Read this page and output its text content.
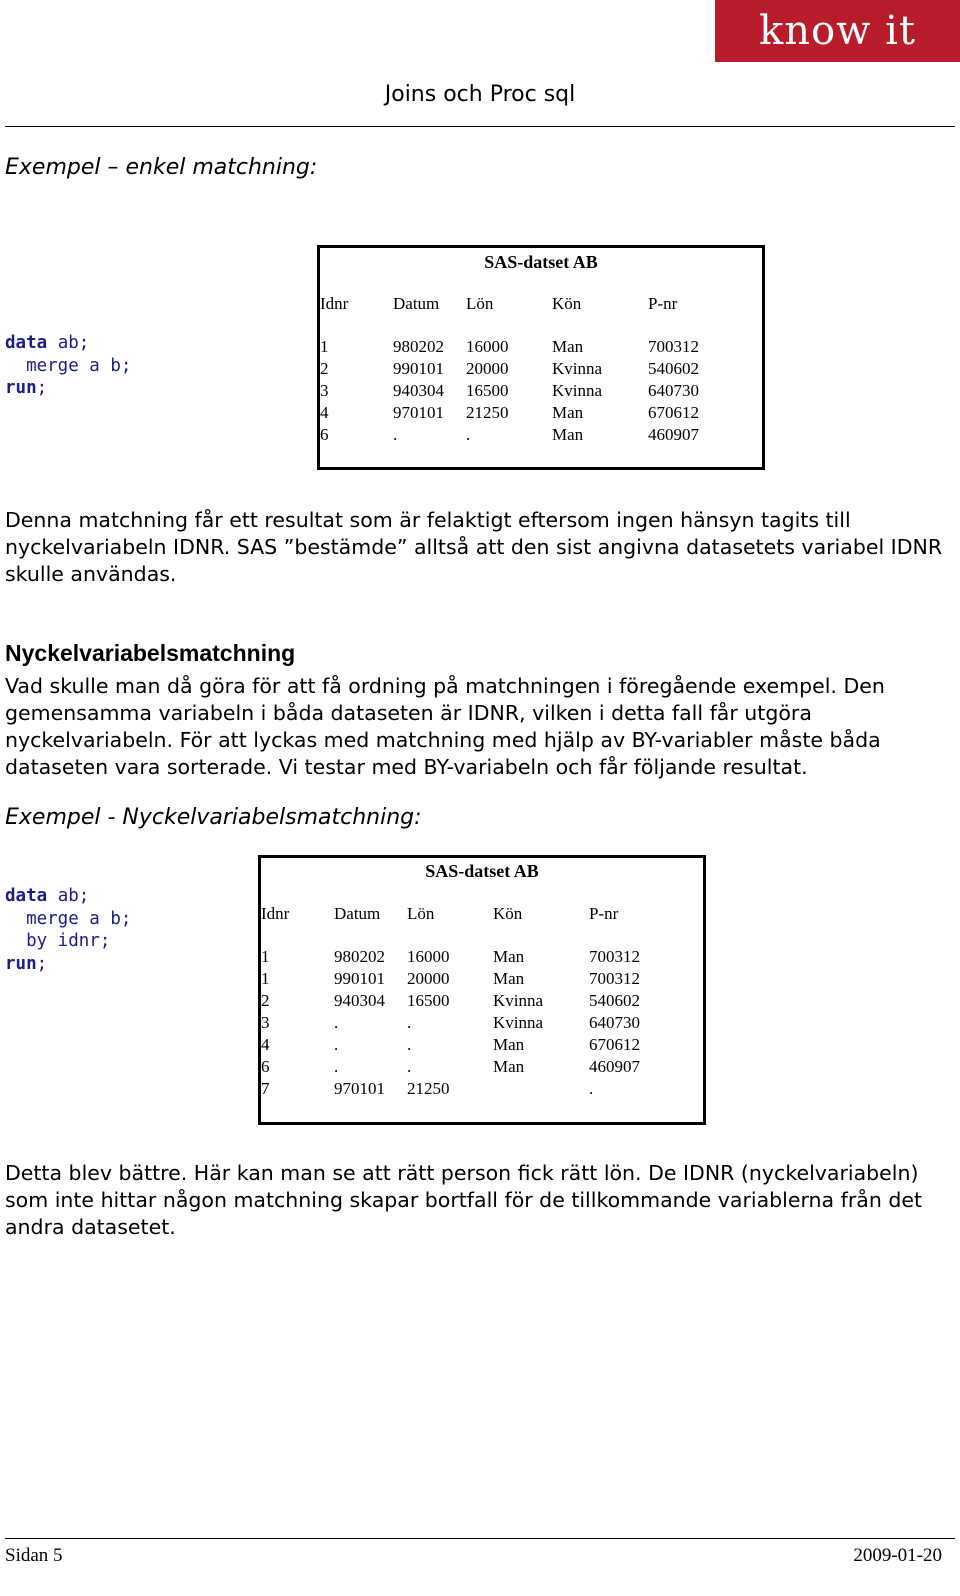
know it
Joins och Proc sql
Exempel – enkel matchning:
data ab;
merge a b;
run;
SAS-datset AB
Idnr	Datum	Lön	Kön	P-nr

1	980202	16000	Man	700312
2	990101	20000	Kvinna	540602
3	940304	16500	Kvinna	640730
4	970101	21250	Man	670612
6	.	.	Man	460907
Denna matchning får ett resultat som är felaktigt eftersom ingen hänsyn tagits till nyckelvariabeln IDNR. SAS ”bestämde” alltså att den sist angivna datasetets variabel IDNR skulle användas.
Nyckelvariabelsmatchning
Vad skulle man då göra för att få ordning på matchningen i föregående exempel. Den gemensamma variabeln i båda dataseten är IDNR, vilken i detta fall får utgöra nyckelvariabeln. För att lyckas med matchning med hjälp av BY-variabler måste båda dataseten vara sorterade. Vi testar med BY-variabeln och får följande resultat.
Exempel - Nyckelvariabelsmatchning:
data ab;
merge a b;
by idnr;
run;
SAS-datset AB
Idnr	Datum	Lön	Kön	P-nr

1	980202	16000	Man	700312
1	990101	20000	Man	700312
2	940304	16500	Kvinna	540602
3	.	.	Kvinna	640730
4	.	.	Man	670612
6	.	.	Man	460907
7	970101	21250		.
Detta blev bättre. Här kan man se att rätt person fick rätt lön. De IDNR (nyckelvariabeln) som inte hittar någon matchning skapar bortfall för de tillkommande variablerna från det andra datasetet.
Sidan 5	2009-01-20
